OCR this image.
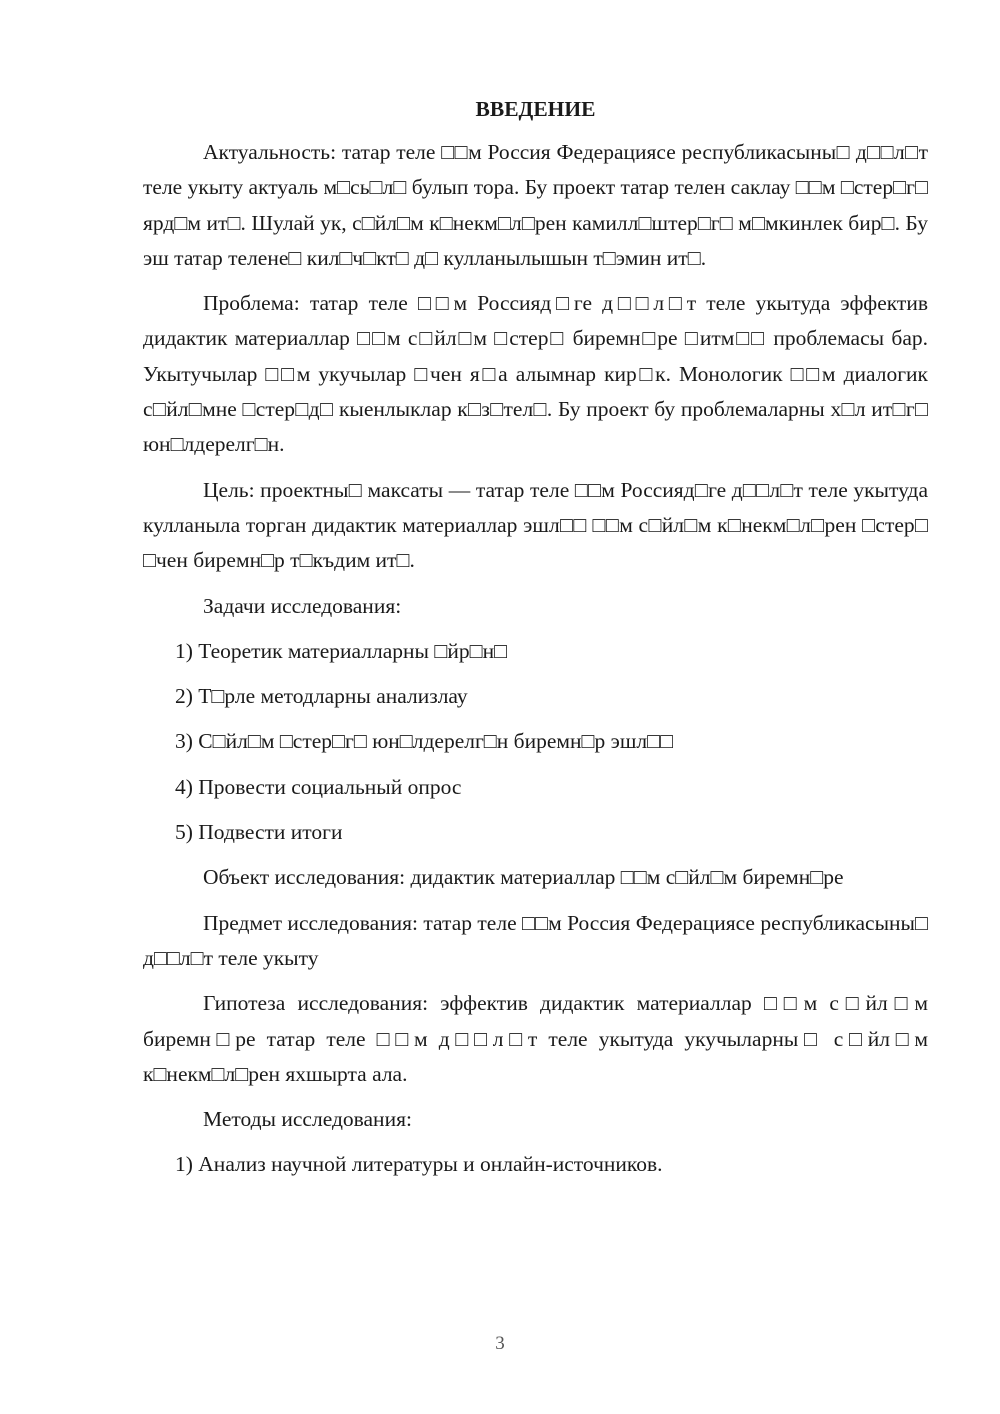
ВВЕДЕНИЕ

Актуальность: татар теле □□м Россия Федерациясе республикасыны□ д□□л□т теле укыту актуаль м□сь□л□ булып тора. Бу проект татар телен саклау □□м □стер□г□ ярд□м ит□. Шулай ук, с□йл□м к□некм□л□рен камилл□штер□г□ м□мкинлек бир□. Бу эш татар телене□ кил□ч□кт□ д□ кулланылышын т□эмин ит□.

Проблема: татар теле □□м Россияд□ге д□□л□т теле укытуда эффектив дидактик материаллар □□м с□йл□м □стер□ биремн□ре □итм□□ проблемасы бар. Укытучылар □□м укучылар □чен я□а алымнар кир□к. Монологик □□м диалогик с□йл□мне □стер□д□ кыенлыклар к□з□тел□. Бу проект бу проблемаларны х□л ит□г□ юн□лдерелг□н.

Цель: проектны□ максаты — татар теле □□м Россияд□ге д□□л□т теле укытуда кулланыла торган дидактик материаллар эшл□□ □□м с□йл□м к□некм□л□рен □стер□ □чен биремн□р т□къдим ит□.

Задачи исследования:

1) Теоретик материалларны □йр□н□
2) Т□рле методларны анализлау
3) С□йл□м □стер□г□ юн□лдерелг□н биремн□р эшл□□
4) Провести социальный опрос
5) Подвести итоги

Объект исследования: дидактик материаллар □□м с□йл□м биремн□ре

Предмет исследования: татар теле □□м Россия Федерациясе республикасыны□ д□□л□т теле укыту

Гипотеза исследования: эффектив дидактик материаллар □□м с□йл□м биремн□ре татар теле □□м д□□л□т теле укытуда укучыларны□ с□йл□м к□некм□л□рен яхшырта ала.

Методы исследования:

1) Анализ научной литературы и онлайн-источников.
3
